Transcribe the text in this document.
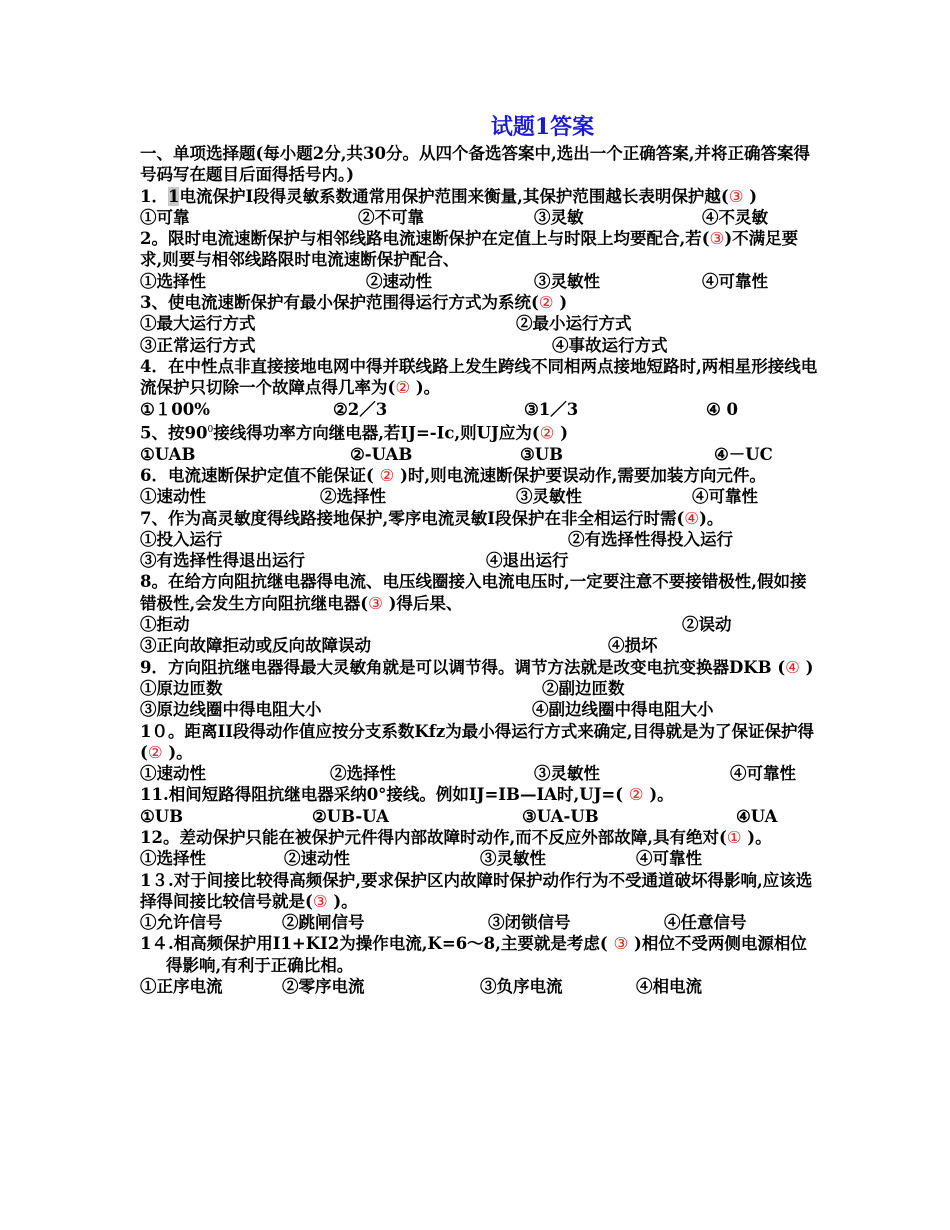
试题1答案
一、单项选择题(每小题2分,共30分。从四个备选答案中,选出一个正确答案,并将正确答案得号码写在题目后面得括号内。)
1．1电流保护I段得灵敏系数通常用保护范围来衡量,其保护范围越长表明保护越(③ )
①可靠	②不可靠	③灵敏	④不灵敏
2。限时电流速断保护与相邻线路电流速断保护在定值上与时限上均要配合,若(③)不满足要求,则要与相邻线路限时电流速断保护配合、
①选择性	②速动性	③灵敏性	④可靠性
3、使电流速断保护有最小保护范围得运行方式为系统(② )
①最大运行方式	②最小运行方式
③正常运行方式	④事故运行方式
4．在中性点非直接接地电网中得并联线路上发生跨线不同相两点接地短路时,两相星形接线电流保护只切除一个故障点得几率为(② )。
①１00%	②2／3	③1／3	④ 0
5、按$90^0$接线得功率方向继电器,若IJ=-Ic,则UJ应为(② )
①UAB	②-UAB	③UB	④－UC
6．电流速断保护定值不能保证( ② )时,则电流速断保护要误动作,需要加装方向元件。
①速动性	②选择性	③灵敏性	④可靠性
7、作为高灵敏度得线路接地保护,零序电流灵敏I段保护在非全相运行时需(④)。
①投入运行	②有选择性得投入运行
③有选择性得退出运行	④退出运行
8。在给方向阻抗继电器得电流、电压线圈接入电流电压时,一定要注意不要接错极性,假如接错极性,会发生方向阻抗继电器(③ )得后果、
①拒动	②误动
③正向故障拒动或反向故障误动	④损坏
9．方向阻抗继电器得最大灵敏角就是可以调节得。调节方法就是改变电抗变换器DKB (④ )
①原边匝数	②副边匝数
③原边线圈中得电阻大小	④副边线圈中得电阻大小
1０。距离II段得动作值应按分支系数Kfz为最小得运行方式来确定,目得就是为了保证保护得(② )。
①速动性	②选择性	③灵敏性	④可靠性
11.相间短路得阻抗继电器采纳0°接线。例如IJ=IB—IA时,UJ=( ② )。
①UB	②UB-UA	③UA-UB	④UA
12。差动保护只能在被保护元件得内部故障时动作,而不反应外部故障,具有绝对(① )。
①选择性	②速动性	③灵敏性	④可靠性
1３.对于间接比较得高频保护,要求保护区内故障时保护动作行为不受通道破坏得影响,应该选择得间接比较信号就是(③ )。
①允许信号	②跳闸信号	③闭锁信号	④任意信号
1４.相高频保护用I1+KI2为操作电流,K=6～8,主要就是考虑( ③ )相位不受两侧电源相位得影响,有利于正确比相。
①正序电流	②零序电流	③负序电流	④相电流
